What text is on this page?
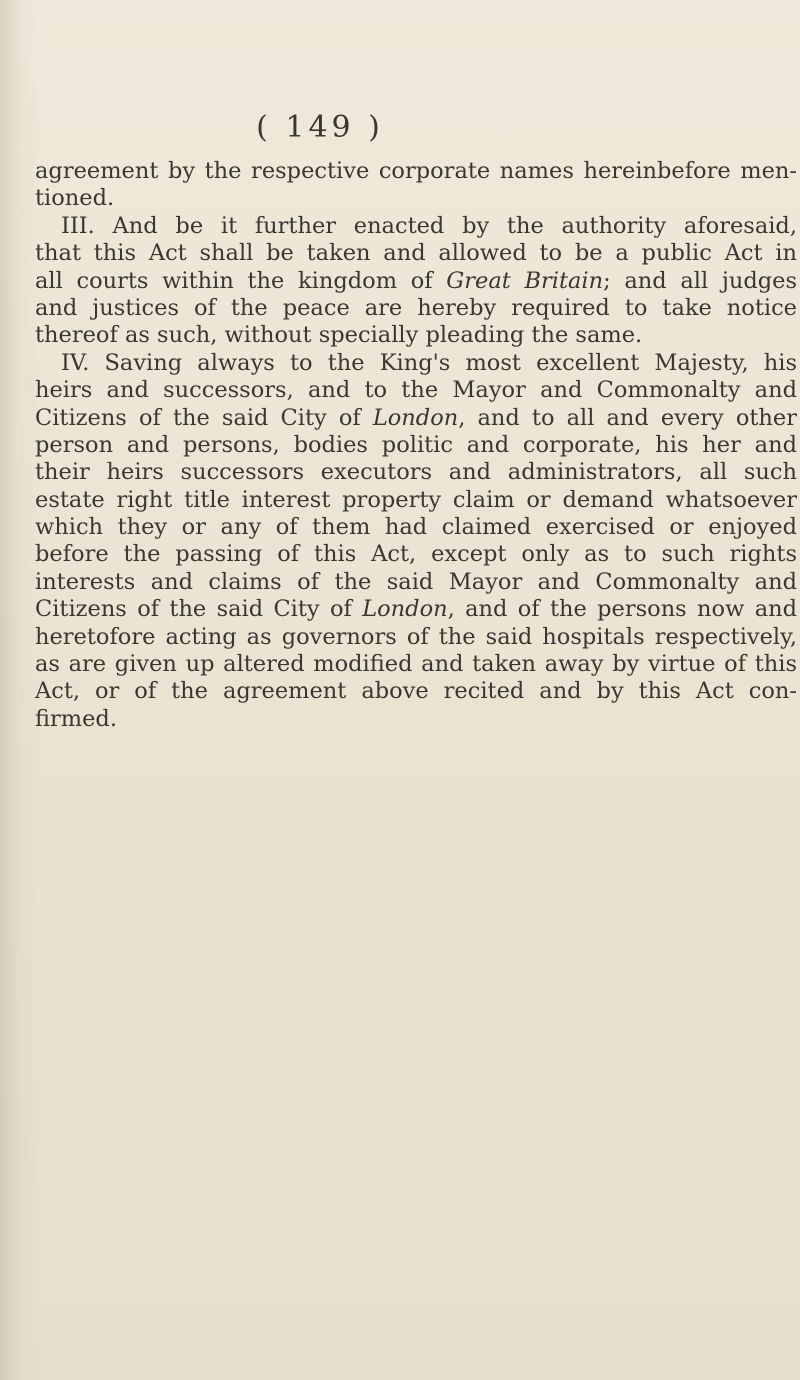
( 149 )
agreement by the respective corporate names hereinbefore men-
tioned.
III. And be it further enacted by the authority aforesaid,
that this Act shall be taken and allowed to be a public Act in
all courts within the kingdom of Great Britain; and all judges
and justices of the peace are hereby required to take notice
thereof as such, without specially pleading the same.
IV. Saving always to the King's most excellent Majesty, his
heirs and successors, and to the Mayor and Commonalty and
Citizens of the said City of London, and to all and every other
person and persons, bodies politic and corporate, his her and
their heirs successors executors and administrators, all such
estate right title interest property claim or demand whatsoever
which they or any of them had claimed exercised or enjoyed
before the passing of this Act, except only as to such rights
interests and claims of the said Mayor and Commonalty and
Citizens of the said City of London, and of the persons now and
heretofore acting as governors of the said hospitals respectively,
as are given up altered modified and taken away by virtue of this
Act, or of the agreement above recited and by this Act con-
firmed.
